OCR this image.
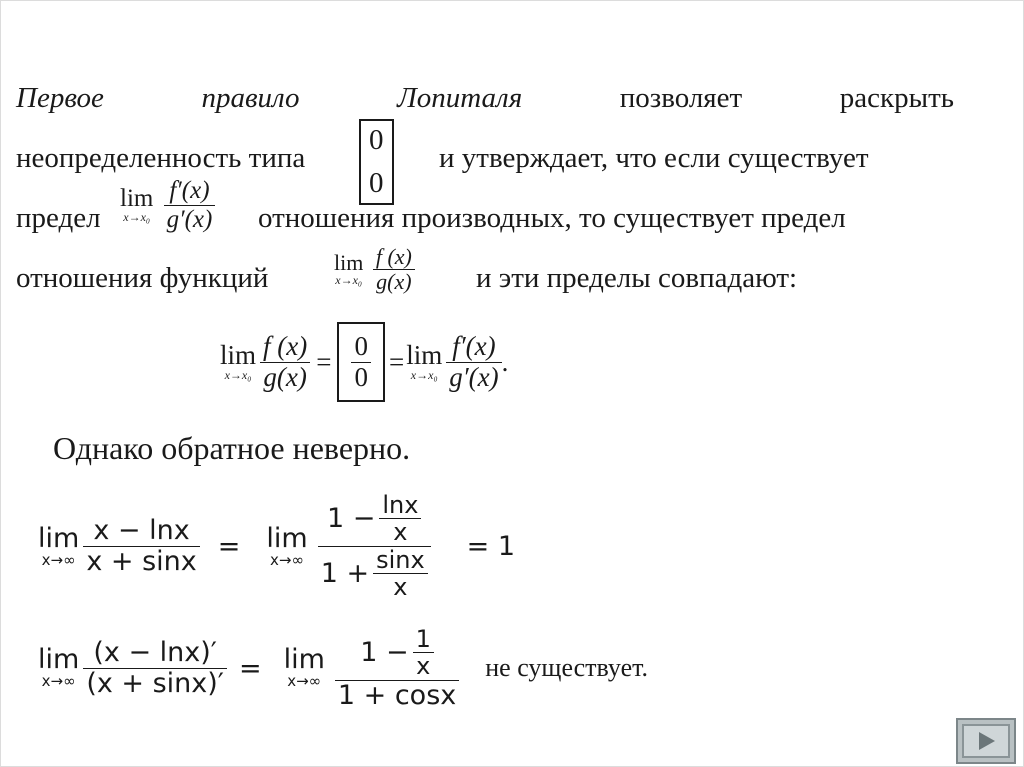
Первое	правило	Лопиталя	позволяет	раскрыть
неопределенность типа
0
0
и утверждает, что если существует
предел
lim
x→x₀
$\frac{f'(x)}{g'(x)}$ отношения производных, то существует предел
отношения функций	lim
x→x₀
$\frac{f (x)}{g(x)}$ и эти пределы совпадают:
lim
$x\to x_0 \frac{f (x)}{g(x)} = \frac{0}{0} = \lim$
$x\to x_0 \frac{f'(x)}{g'(x)}$ .
Однако обратное неверно.
lim
$x\to\infty \frac{x - \ln x}{x + \sin x} = \lim$
$x\to\infty \frac{1 - \frac{\ln x}{x}}{1 + \frac{\sin x}{x}} = 1$
lim
$x\to\infty \frac{(x - \ln x)'}{(x + \sin x)'} = \lim$
$x\to\infty \frac{1 - \frac{1}{x}}{1 + \cos x}$ не существует.
